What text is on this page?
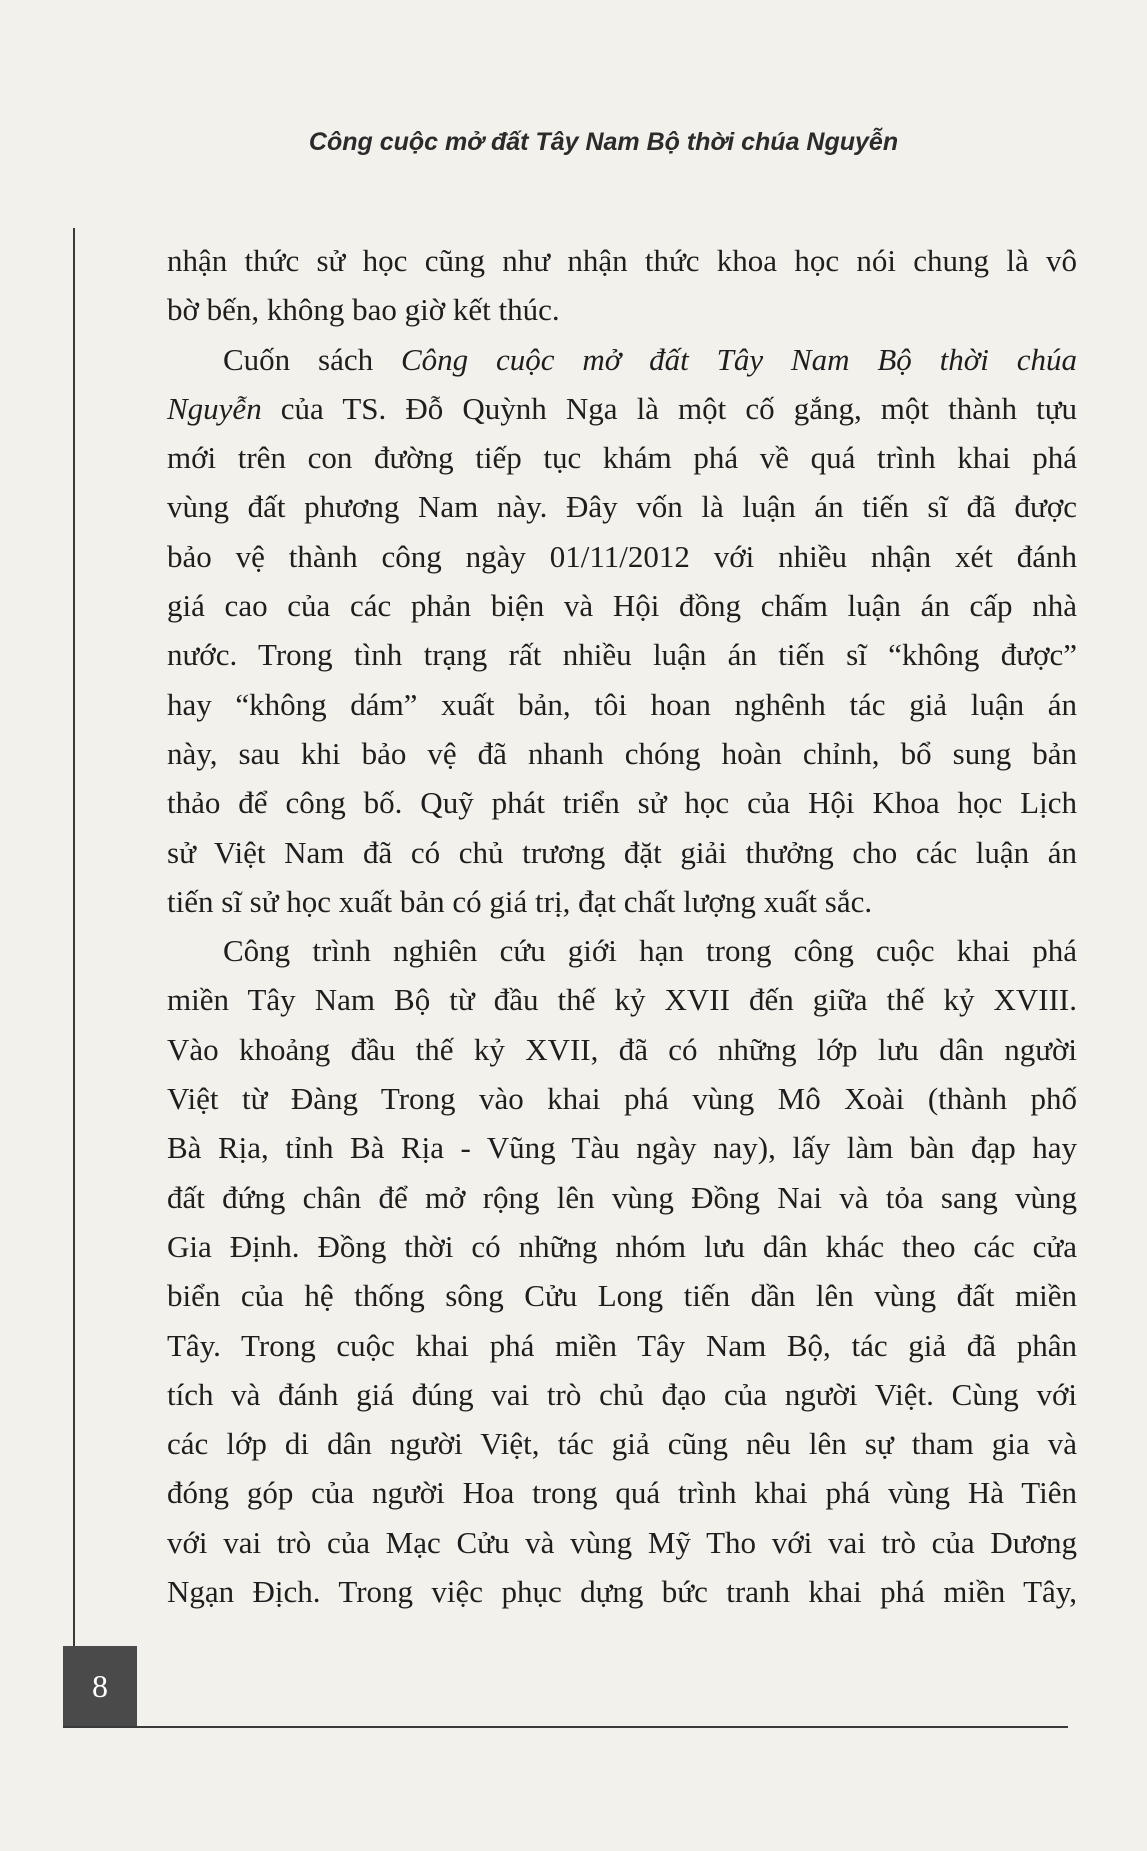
Công cuộc mở đất Tây Nam Bộ thời chúa Nguyễn
nhận thức sử học cũng như nhận thức khoa học nói chung là vô
bờ bến, không bao giờ kết thúc.
Cuốn sách Công cuộc mở đất Tây Nam Bộ thời chúa
Nguyễn của TS. Đỗ Quỳnh Nga là một cố gắng, một thành tựu
mới trên con đường tiếp tục khám phá về quá trình khai phá
vùng đất phương Nam này. Đây vốn là luận án tiến sĩ đã được
bảo vệ thành công ngày 01/11/2012 với nhiều nhận xét đánh
giá cao của các phản biện và Hội đồng chấm luận án cấp nhà
nước. Trong tình trạng rất nhiều luận án tiến sĩ “không được”
hay “không dám” xuất bản, tôi hoan nghênh tác giả luận án
này, sau khi bảo vệ đã nhanh chóng hoàn chỉnh, bổ sung bản
thảo để công bố. Quỹ phát triển sử học của Hội Khoa học Lịch
sử Việt Nam đã có chủ trương đặt giải thưởng cho các luận án
tiến sĩ sử học xuất bản có giá trị, đạt chất lượng xuất sắc.
Công trình nghiên cứu giới hạn trong công cuộc khai phá
miền Tây Nam Bộ từ đầu thế kỷ XVII đến giữa thế kỷ XVIII.
Vào khoảng đầu thế kỷ XVII, đã có những lớp lưu dân người
Việt từ Đàng Trong vào khai phá vùng Mô Xoài (thành phố
Bà Rịa, tỉnh Bà Rịa - Vũng Tàu ngày nay), lấy làm bàn đạp hay
đất đứng chân để mở rộng lên vùng Đồng Nai và tỏa sang vùng
Gia Định. Đồng thời có những nhóm lưu dân khác theo các cửa
biển của hệ thống sông Cửu Long tiến dần lên vùng đất miền
Tây. Trong cuộc khai phá miền Tây Nam Bộ, tác giả đã phân
tích và đánh giá đúng vai trò chủ đạo của người Việt. Cùng với
các lớp di dân người Việt, tác giả cũng nêu lên sự tham gia và
đóng góp của người Hoa trong quá trình khai phá vùng Hà Tiên
với vai trò của Mạc Cửu và vùng Mỹ Tho với vai trò của Dương
Ngạn Địch. Trong việc phục dựng bức tranh khai phá miền Tây,
8
